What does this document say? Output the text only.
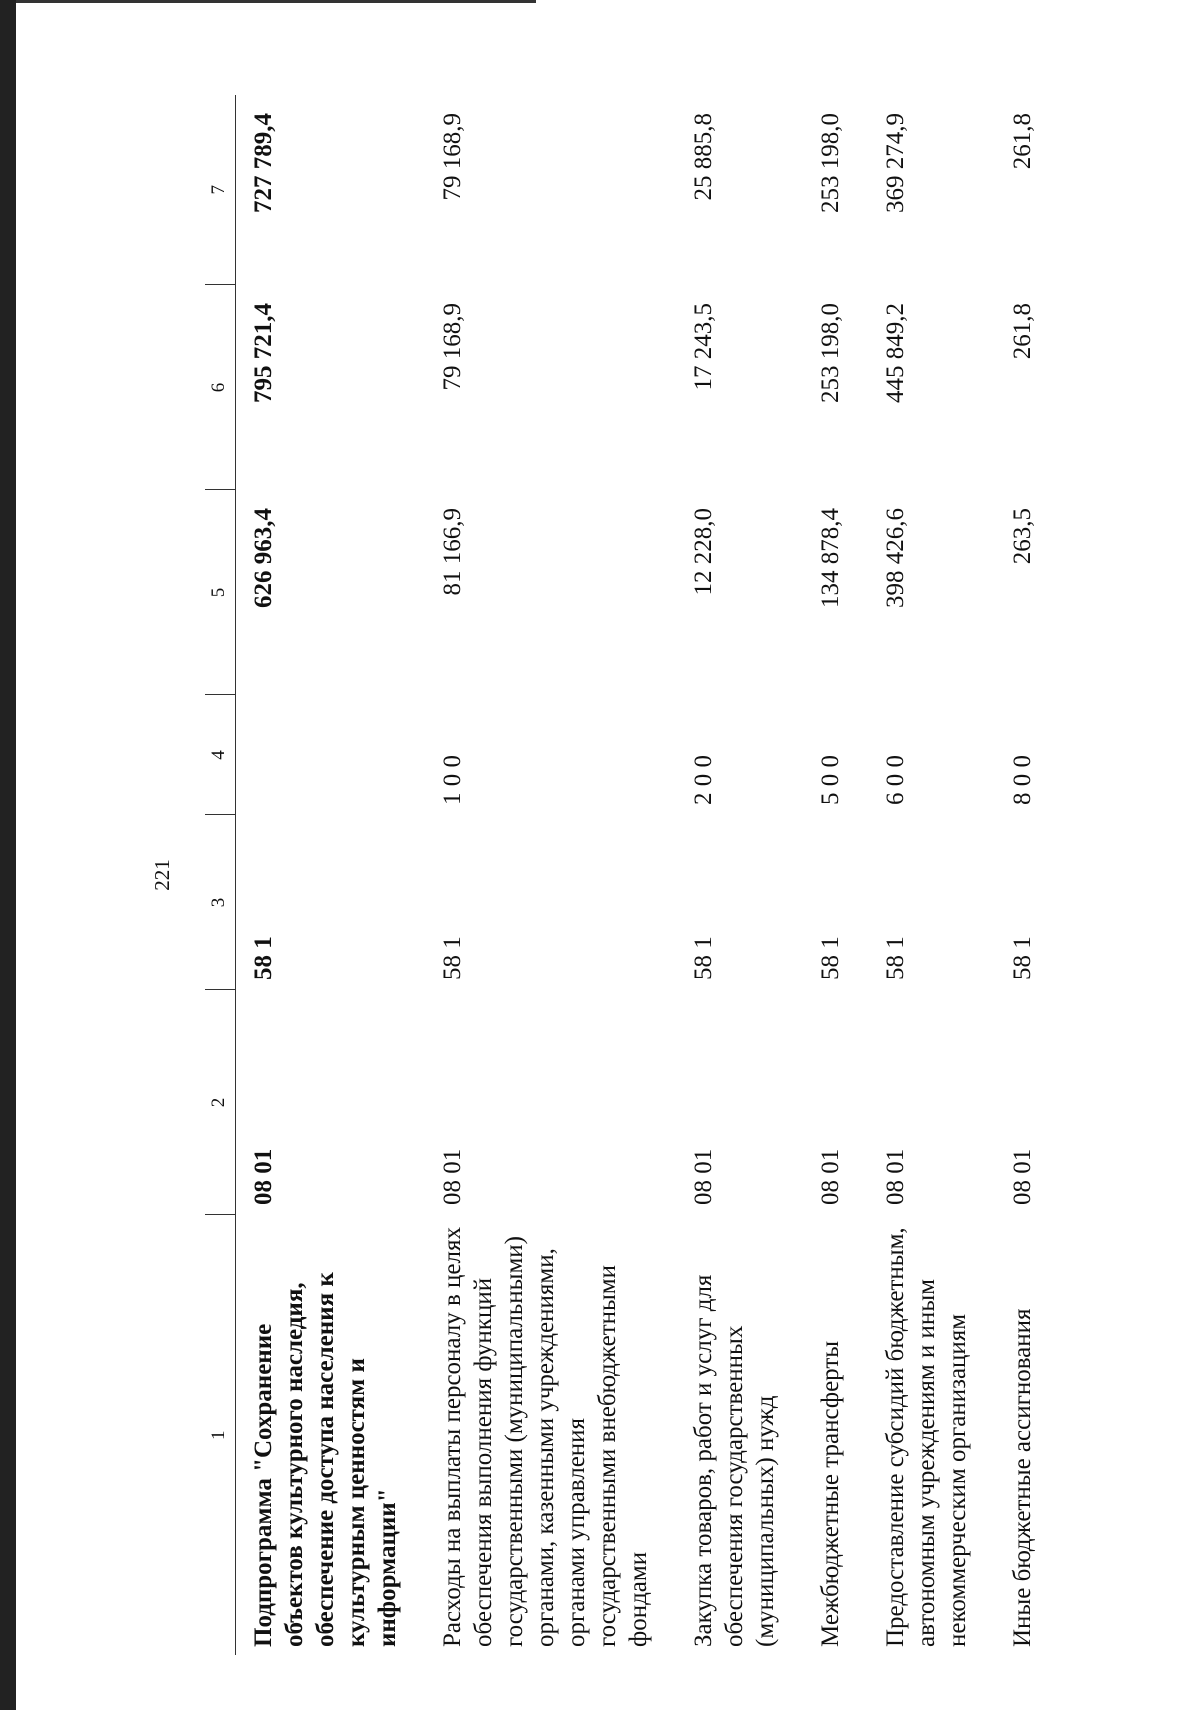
221
1	2	3	4	5	6	7
Подпрограмма "Сохранение объектов культурного наследия, обеспечение доступа населения к культурным ценностям и информации"	08 01	58 1		626 963,4	795 721,4	727 789,4
Расходы на выплаты персоналу в целях обеспечения выполнения функций государственными (муниципальными) органами, казенными учреждениями, органами управления государственными внебюджетными фондами	08 01	58 1	1 0 0	81 166,9	79 168,9	79 168,9
Закупка товаров, работ и услуг для обеспечения государственных (муниципальных) нужд	08 01	58 1	2 0 0	12 228,0	17 243,5	25 885,8
Межбюджетные трансферты	08 01	58 1	5 0 0	134 878,4	253 198,0	253 198,0
Предоставление субсидий бюджетным, автономным учреждениям и иным некоммерческим организациям	08 01	58 1	6 0 0	398 426,6	445 849,2	369 274,9
Иные бюджетные ассигнования	08 01	58 1	8 0 0	263,5	261,8	261,8
